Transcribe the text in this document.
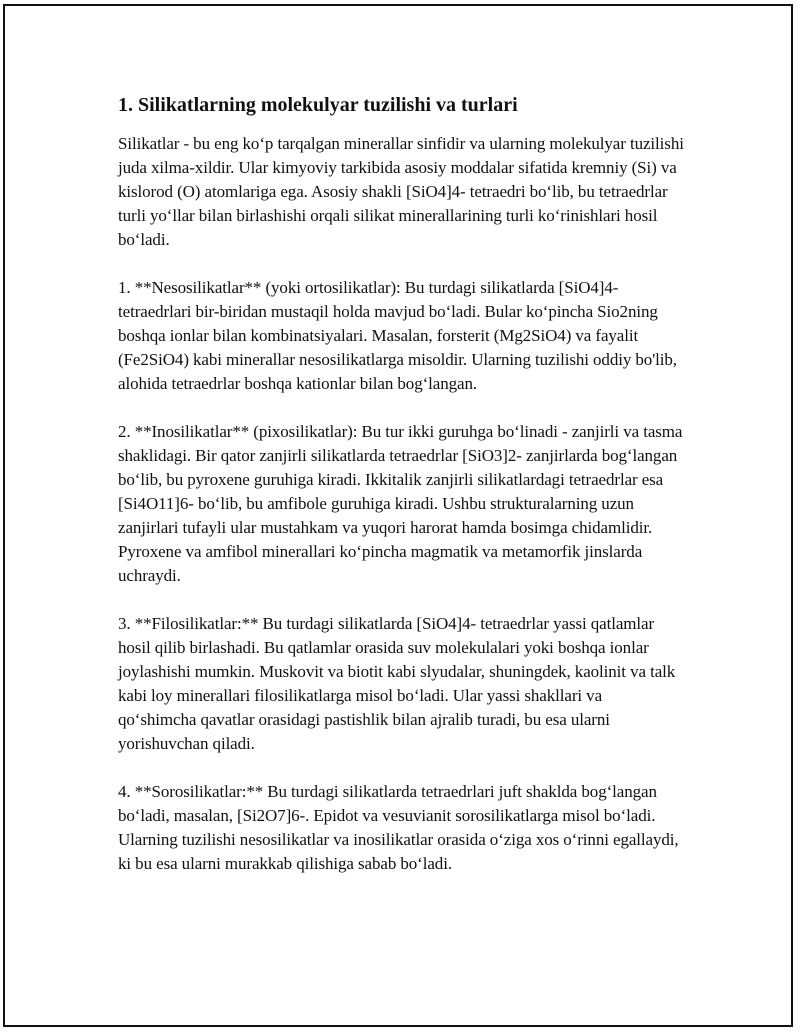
1. Silikatlarning molekulyar tuzilishi va turlari

Silikatlar - bu eng ko‘p tarqalgan minerallar sinfidir va ularning molekulyar tuzilishi juda xilma-xildir. Ular kimyoviy tarkibida asosiy moddalar sifatida kremniy (Si) va kislorod (O) atomlariga ega. Asosiy shakli [SiO4]4- tetraedri bo‘lib, bu tetraedrlar turli yo‘llar bilan birlashishi orqali silikat minerallarining turli ko‘rinishlari hosil bo‘ladi.

1. **Nesosilikatlar** (yoki ortosilikatlar): Bu turdagi silikatlarda [SiO4]4- tetraedrlari bir-biridan mustaqil holda mavjud bo‘ladi. Bular ko‘pincha Sio2ning boshqa ionlar bilan kombinatsiyalari. Masalan, forsterit (Mg2SiO4) va fayalit (Fe2SiO4) kabi minerallar nesosilikatlarga misoldir. Ularning tuzilishi oddiy bo'lib, alohida tetraedrlar boshqa kationlar bilan bog‘langan.

2. **Inosilikatlar** (pixosilikatlar): Bu tur ikki guruhga bo‘linadi - zanjirli va tasma shaklidagi. Bir qator zanjirli silikatlarda tetraedrlar [SiO3]2- zanjirlarda bog‘langan bo‘lib, bu pyroxene guruhiga kiradi. Ikkitalik zanjirli silikatlardagi tetraedrlar esa [Si4O11]6- bo‘lib, bu amfibole guruhiga kiradi. Ushbu strukturalarning uzun zanjirlari tufayli ular mustahkam va yuqori harorat hamda bosimga chidamlidir. Pyroxene va amfibol minerallari ko‘pincha magmatik va metamorfik jinslarda uchraydi.

3. **Filosilikatlar:** Bu turdagi silikatlarda [SiO4]4- tetraedrlar yassi qatlamlar hosil qilib birlashadi. Bu qatlamlar orasida suv molekulalari yoki boshqa ionlar joylashishi mumkin. Muskovit va biotit kabi slyudalar, shuningdek, kaolinit va talk kabi loy minerallari filosilikatlarga misol bo‘ladi. Ular yassi shakllari va qo‘shimcha qavatlar orasidagi pastishlik bilan ajralib turadi, bu esa ularni yorishuvchan qiladi.

4. **Sorosilikatlar:** Bu turdagi silikatlarda tetraedrlari juft shaklda bog‘langan bo‘ladi, masalan, [Si2O7]6-. Epidot va vesuvianit sorosilikatlarga misol bo‘ladi. Ularning tuzilishi nesosilikatlar va inosilikatlar orasida o‘ziga xos o‘rinni egallaydi, ki bu esa ularni murakkab qilishiga sabab bo‘ladi.
